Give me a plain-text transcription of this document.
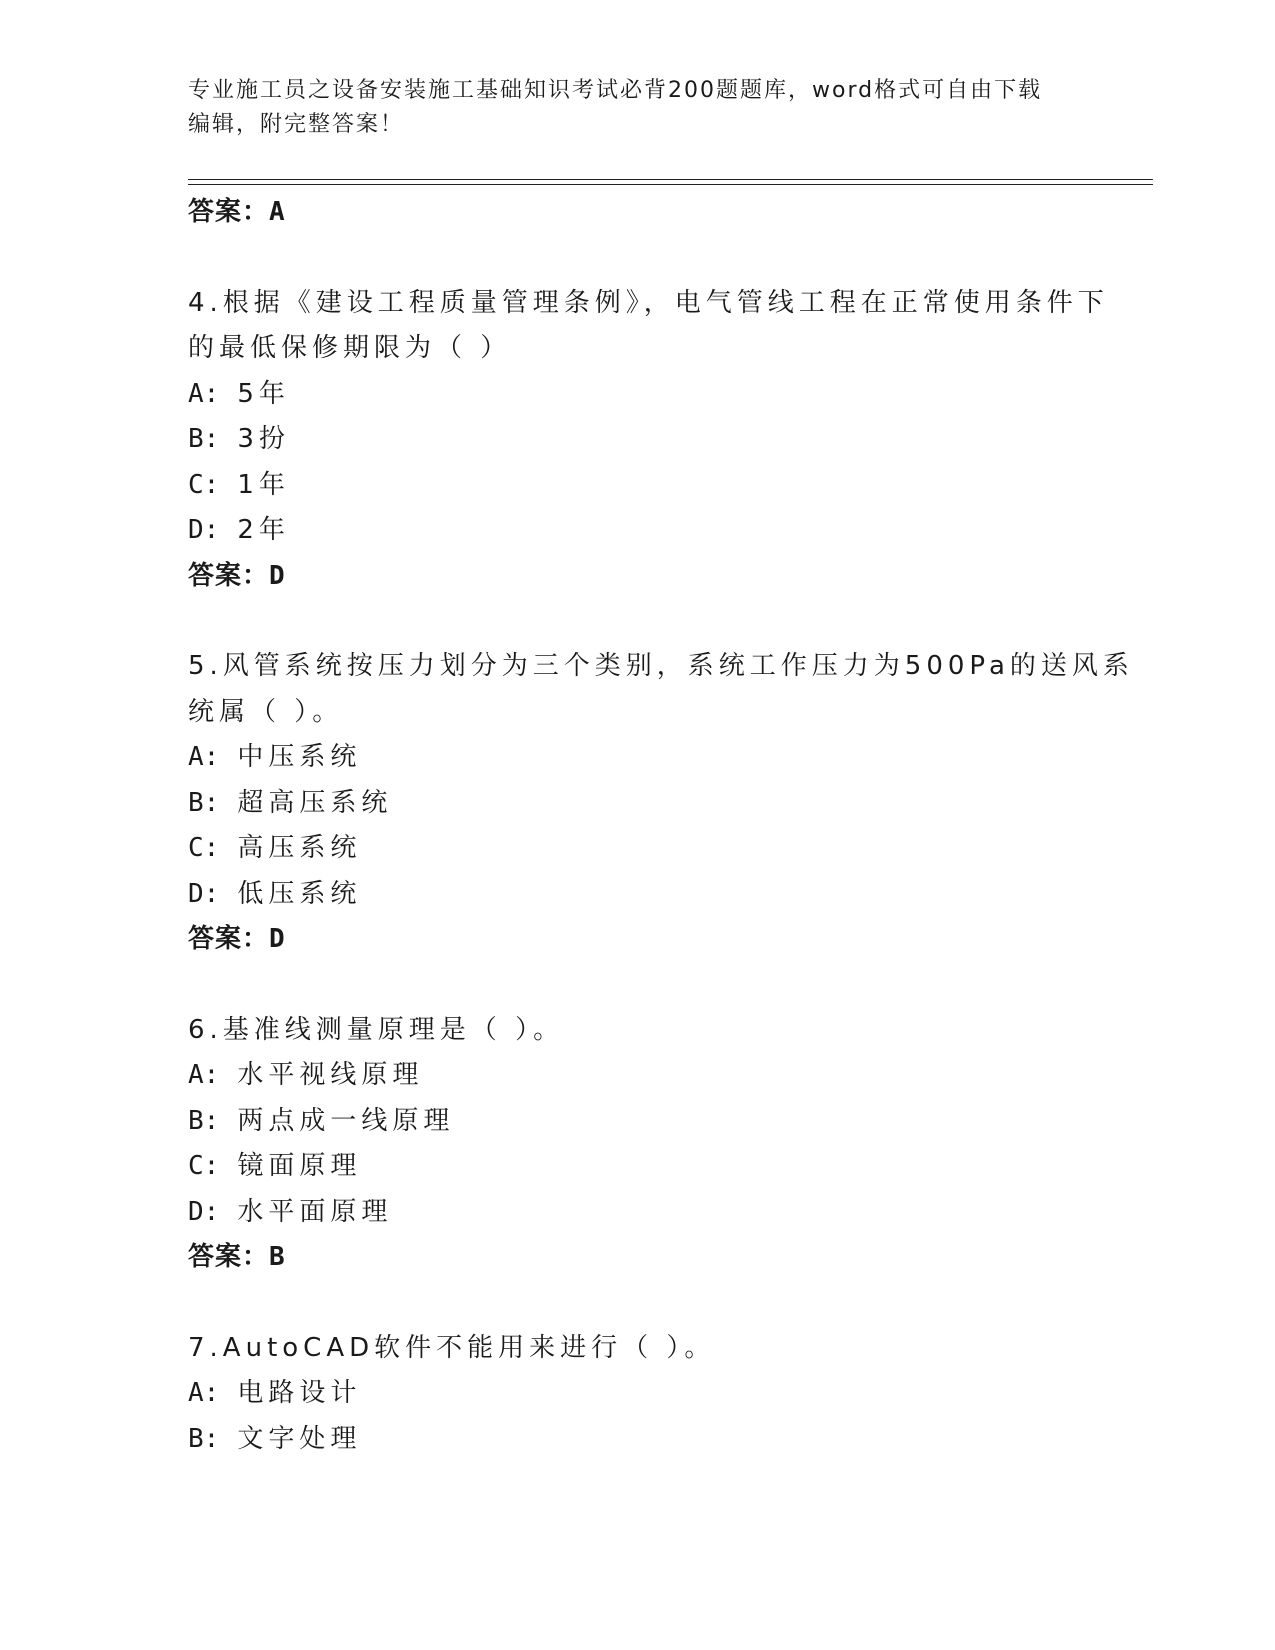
专业施工员之设备安装施工基础知识考试必背200题题库，word格式可自由下载
编辑，附完整答案！
答案：A
4.根据《建设工程质量管理条例》，电气管线工程在正常使用条件下
的最低保修期限为（ ）
A: 5年
B: 3扮
C: 1年
D: 2年
答案：D
5.风管系统按压力划分为三个类别，系统工作压力为500Pa的送风系
统属（ ）。
A: 中压系统
B: 超高压系统
C: 高压系统
D: 低压系统
答案：D
6.基准线测量原理是（ ）。
A: 水平视线原理
B: 两点成一线原理
C: 镜面原理
D: 水平面原理
答案：B
7.AutoCAD软件不能用来进行（ ）。
A: 电路设计
B: 文字处理
